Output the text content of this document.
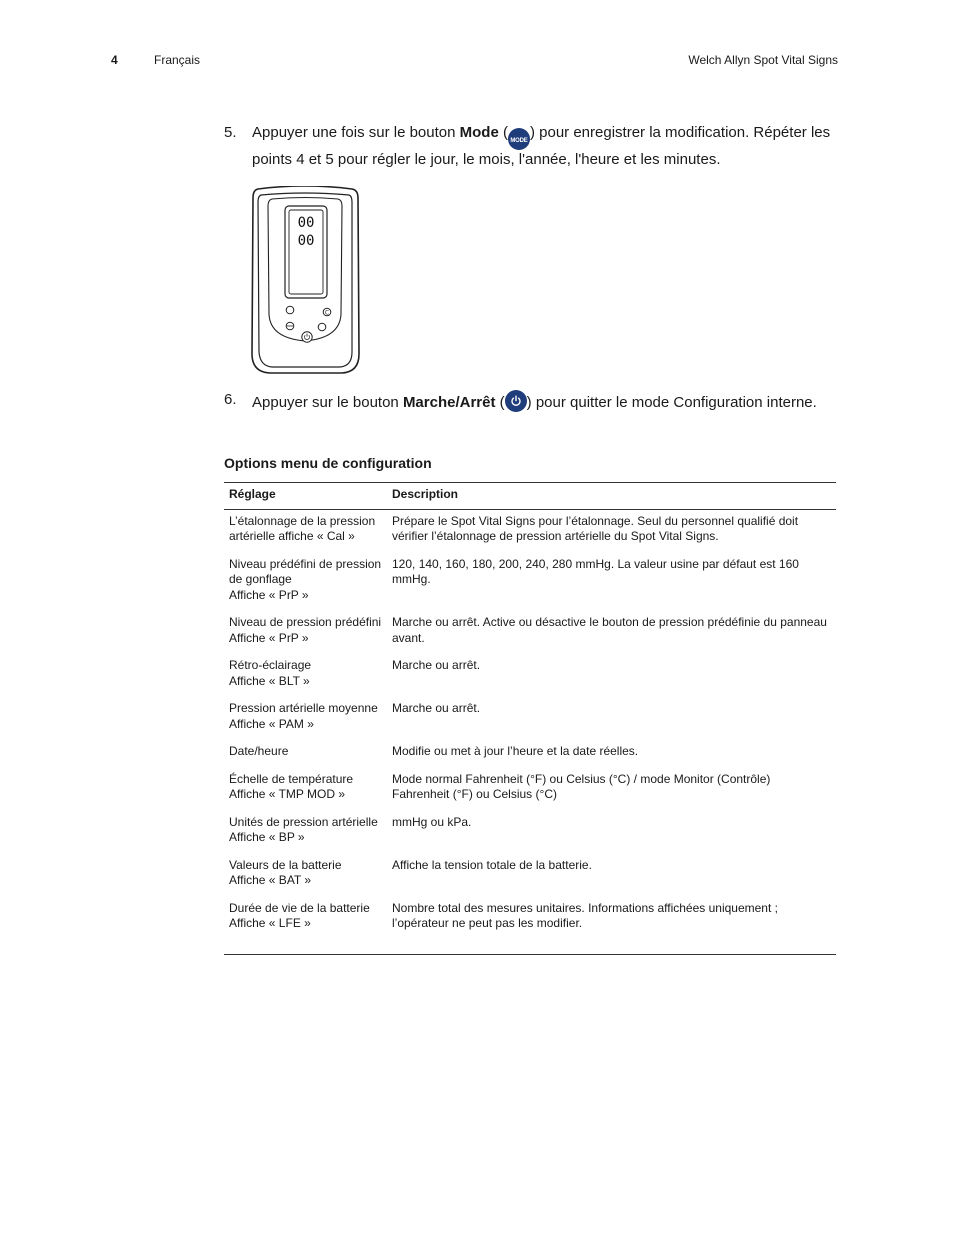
4	Français	Welch Allyn Spot Vital Signs
5. Appuyer une fois sur le bouton Mode ( MODE ) pour enregistrer la modification. Répéter les points 4 et 5 pour régler le jour, le mois, l'année, l'heure et les minutes.
00
00
C
6. Appuyer sur le bouton Marche/Arrêt ( ) pour quitter le mode Configuration interne.
Options menu de configuration
Réglage	Description

L’étalonnage de la pression
artérielle affiche « Cal »	Prépare le Spot Vital Signs pour l’étalonnage. Seul du personnel qualifié doit vérifier l’étalonnage de pression artérielle du Spot Vital Signs.

Niveau prédéfini de pression
de gonflage
Affiche « PrP »	120, 140, 160, 180, 200, 240, 280 mmHg. La valeur usine par défaut est 160 mmHg.

Niveau de pression prédéfini
Affiche « PrP »	Marche ou arrêt. Active ou désactive le bouton de pression prédéfinie du panneau avant.

Rétro-éclairage
Affiche « BLT »	Marche ou arrêt.

Pression artérielle moyenne
Affiche « PAM »	Marche ou arrêt.

Date/heure	Modifie ou met à jour l’heure et la date réelles.

Échelle de température
Affiche « TMP MOD »	Mode normal Fahrenheit (°F) ou Celsius (°C) / mode Monitor (Contrôle) Fahrenheit (°F) ou Celsius (°C)

Unités de pression artérielle
Affiche « BP »	mmHg ou kPa.

Valeurs de la batterie
Affiche « BAT »	Affiche la tension totale de la batterie.

Durée de vie de la batterie
Affiche « LFE »	Nombre total des mesures unitaires. Informations affichées uniquement ; l’opérateur ne peut pas les modifier.
